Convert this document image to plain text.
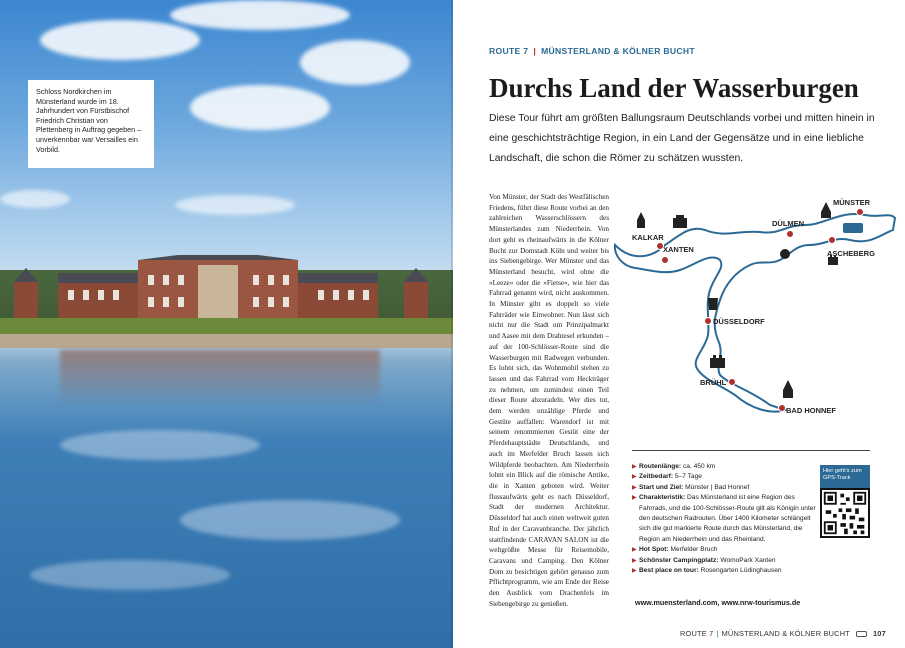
Schloss Nordkirchen im Münsterland wurde im 18. Jahrhundert von Fürstbischof Friedrich Christian von Plettenberg in Auftrag gegeben – unverkennbar war Versailles ein Vorbild.
ROUTE 7 | MÜNSTERLAND & KÖLNER BUCHT
Durchs Land der Wasserburgen

Diese Tour führt am größten Ballungsraum Deutschlands vorbei und mitten hinein in eine geschichtsträchtige Region, in ein Land der Gegensätze und in eine liebliche Landschaft, die schon die Römer zu schätzen wussten.

Von Münster, der Stadt des Westfälischen Friedens, führt diese Route vorbei an den zahlreichen Wasserschlössern des Münsterlandes zum Niederrhein. Von dort geht es rheinaufwärts in die Kölner Bucht zur Domstadt Köln und weiter bis ins Siebengebirge. Wer Münster und das Münsterland besucht, wird ohne die »Leeze« oder die »Fietse«, wie hier das Fahrrad genannt wird, nicht auskommen. In Münster gibt es doppelt so viele Fahrräder wie Einwohner. Nun lässt sich nicht nur die Stadt um Prinzipalmarkt und Aasee mit dem Drahtesel erkunden – auf der 100-Schlösser-Route sind die Wasserburgen mit Radwegen verbunden. Es lohnt sich, das Wohnmobil stehen zu lassen und das Fahrrad vom Heckträger zu nehmen, um zumindest einen Teil dieser Route abzuradeln. Wer dies tut, dem werden unzählige Pferde und Gestüte auffallen: Warendorf ist mit seinem renommierten Gestüt eine der Pferdehauptstädte Deutschlands, und auch im Merfelder Bruch lassen sich Wildpferde beobachten. Am Niederrhein lohnt ein Blick auf die römische Antike, die in Xanten geboten wird. Weiter flussaufwärts geht es nach Düsseldorf, Stadt der modernen Architektur. Düsseldorf hat auch einen weltweit guten Ruf in der Caravanbranche. Der jährlich stattfindende CARAVAN SALON ist die weltgrößte Messe für Reisemobile, Caravans und Camping. Den Kölner Dom zu besichtigen gehört genauso zum Pflichtprogramm, wie am Ende der Reise den Ausblick vom Drachenfels im Siebengebirge zu genießen.

MÜNSTER
DÜLMEN
KALKAR
XANTEN	ASCHEBERG
DÜSSELDORF
BRÜHL
BAD HONNEF
▶ Routenlänge: ca. 450 km
▶ Zeitbedarf: 5–7 Tage
▶ Start und Ziel: Münster | Bad Honnef
▶ Charakteristik: Das Münsterland ist eine Region des Fahrrads, und die 100-Schlösser-Route gilt als Königin unter den deutschen Radrouten. Über 1400 Kilometer schlängelt sich die gut markierte Route durch das Münsterland, die Region am Niederrhein und das Rheinland.
▶ Hot Spot: Merfelder Bruch
▶ Schönster Campingplatz: WomoPark Xanten
▶ Best place on tour: Rosengarten Lüdinghausen
Hier geht's zum GPS-Track
www.muensterland.com, www.nrw-tourismus.de
ROUTE 7 | MÜNSTERLAND & KÖLNER BUCHT	107
